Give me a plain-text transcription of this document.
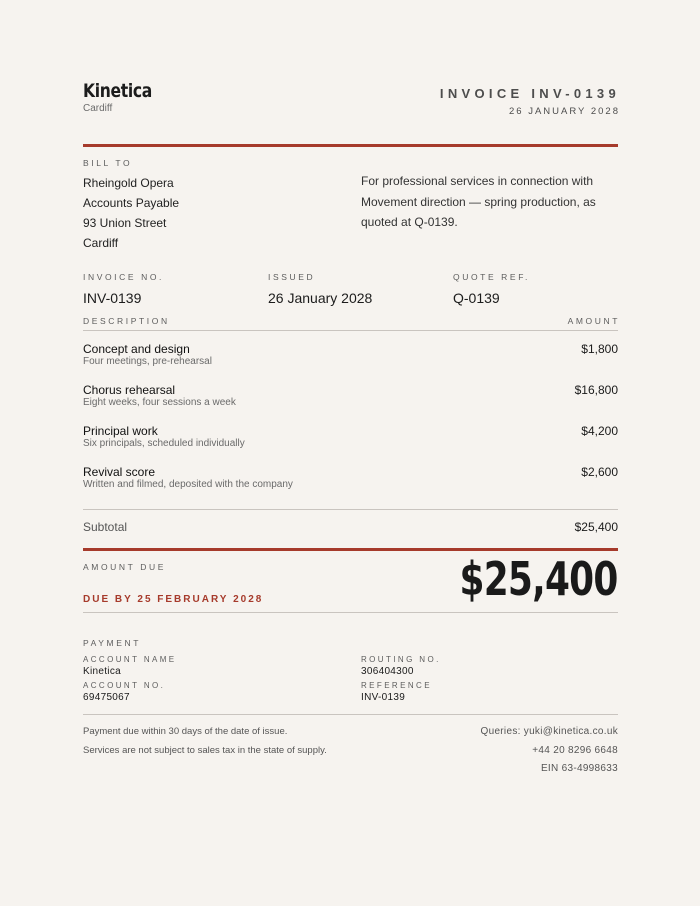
Kinetica
Cardiff
INVOICE INV-0139
26 JANUARY 2028
BILL TO
Rheingold Opera
Accounts Payable
93 Union Street
Cardiff
For professional services in connection with Movement direction — spring production, as quoted at Q-0139.
INVOICE NO.
INV-0139
ISSUED
26 January 2028
QUOTE REF.
Q-0139
DESCRIPTION	AMOUNT
Concept and design
Four meetings, pre-rehearsal
$1,800
Chorus rehearsal
Eight weeks, four sessions a week
$16,800
Principal work
Six principals, scheduled individually
$4,200
Revival score
Written and filmed, deposited with the company
$2,600
Subtotal	$25,400
AMOUNT DUE
DUE BY 25 FEBRUARY 2028	$25,400
PAYMENT
ACCOUNT NAME
Kinetica
ACCOUNT NO.
69475067
ROUTING NO.
306404300
REFERENCE
INV-0139
Payment due within 30 days of the date of issue.
Services are not subject to sales tax in the state of supply.
Queries: yuki@kinetica.co.uk
+44 20 8296 6648
EIN 63-4998633
